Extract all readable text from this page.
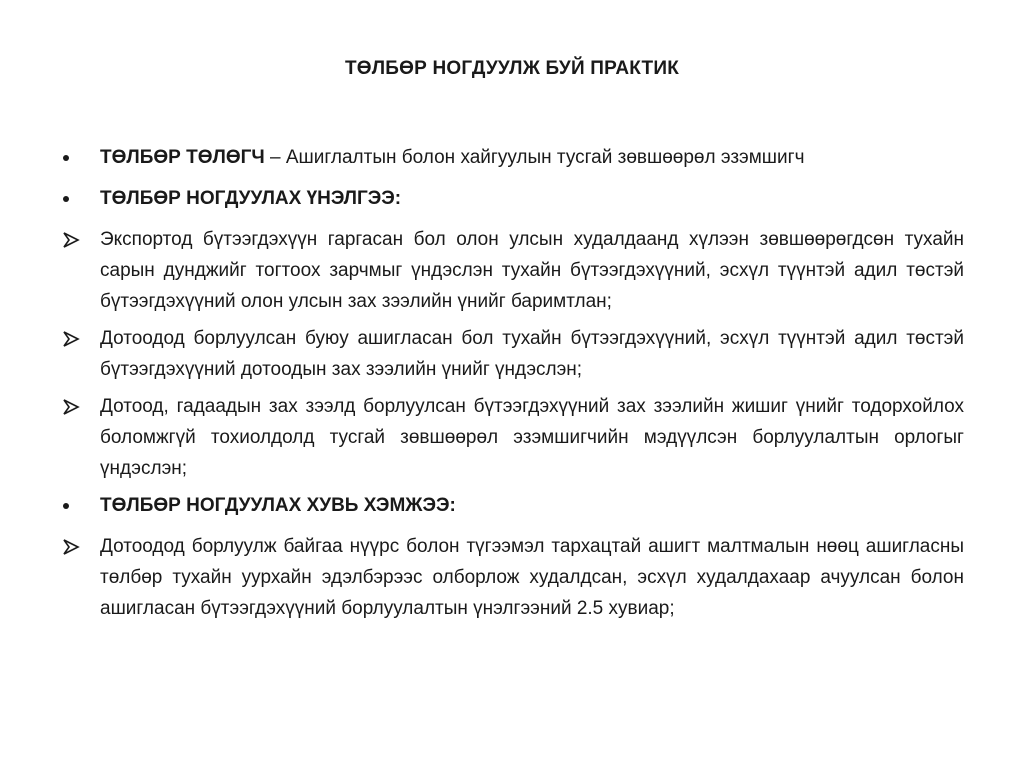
ТӨЛБӨР НОГДУУЛЖ БУЙ ПРАКТИК
ТӨЛБӨР ТӨЛӨГЧ – Ашиглалтын болон хайгуулын тусгай зөвшөөрөл эзэмшигч
ТӨЛБӨР НОГДУУЛАХ ҮНЭЛГЭЭ:
Экспортод бүтээгдэхүүн гаргасан бол олон улсын худалдаанд хүлээн зөвшөөрөгдсөн тухайн сарын дунджийг тогтоох зарчмыг үндэслэн тухайн бүтээгдэхүүний, эсхүл түүнтэй адил төстэй бүтээгдэхүүний олон улсын зах зээлийн үнийг баримтлан;
Дотоодод борлуулсан буюу ашигласан бол тухайн бүтээгдэхүүний, эсхүл түүнтэй адил төстэй бүтээгдэхүүний дотоодын зах зээлийн үнийг үндэслэн;
Дотоод, гадаадын зах зээлд борлуулсан бүтээгдэхүүний зах зээлийн жишиг үнийг тодорхойлох боломжгүй тохиолдолд тусгай зөвшөөрөл эзэмшигчийн мэдүүлсэн борлуулалтын орлогыг үндэслэн;
ТӨЛБӨР НОГДУУЛАХ ХУВЬ ХЭМЖЭЭ:
Дотоодод борлуулж байгаа нүүрс болон түгээмэл тархацтай ашигт малтмалын нөөц ашигласны төлбөр тухайн уурхайн эдэлбэрээс олборлож худалдсан, эсхүл худалдахаар ачуулсан болон ашигласан бүтээгдэхүүний борлуулалтын үнэлгээний 2.5 хувиар;
